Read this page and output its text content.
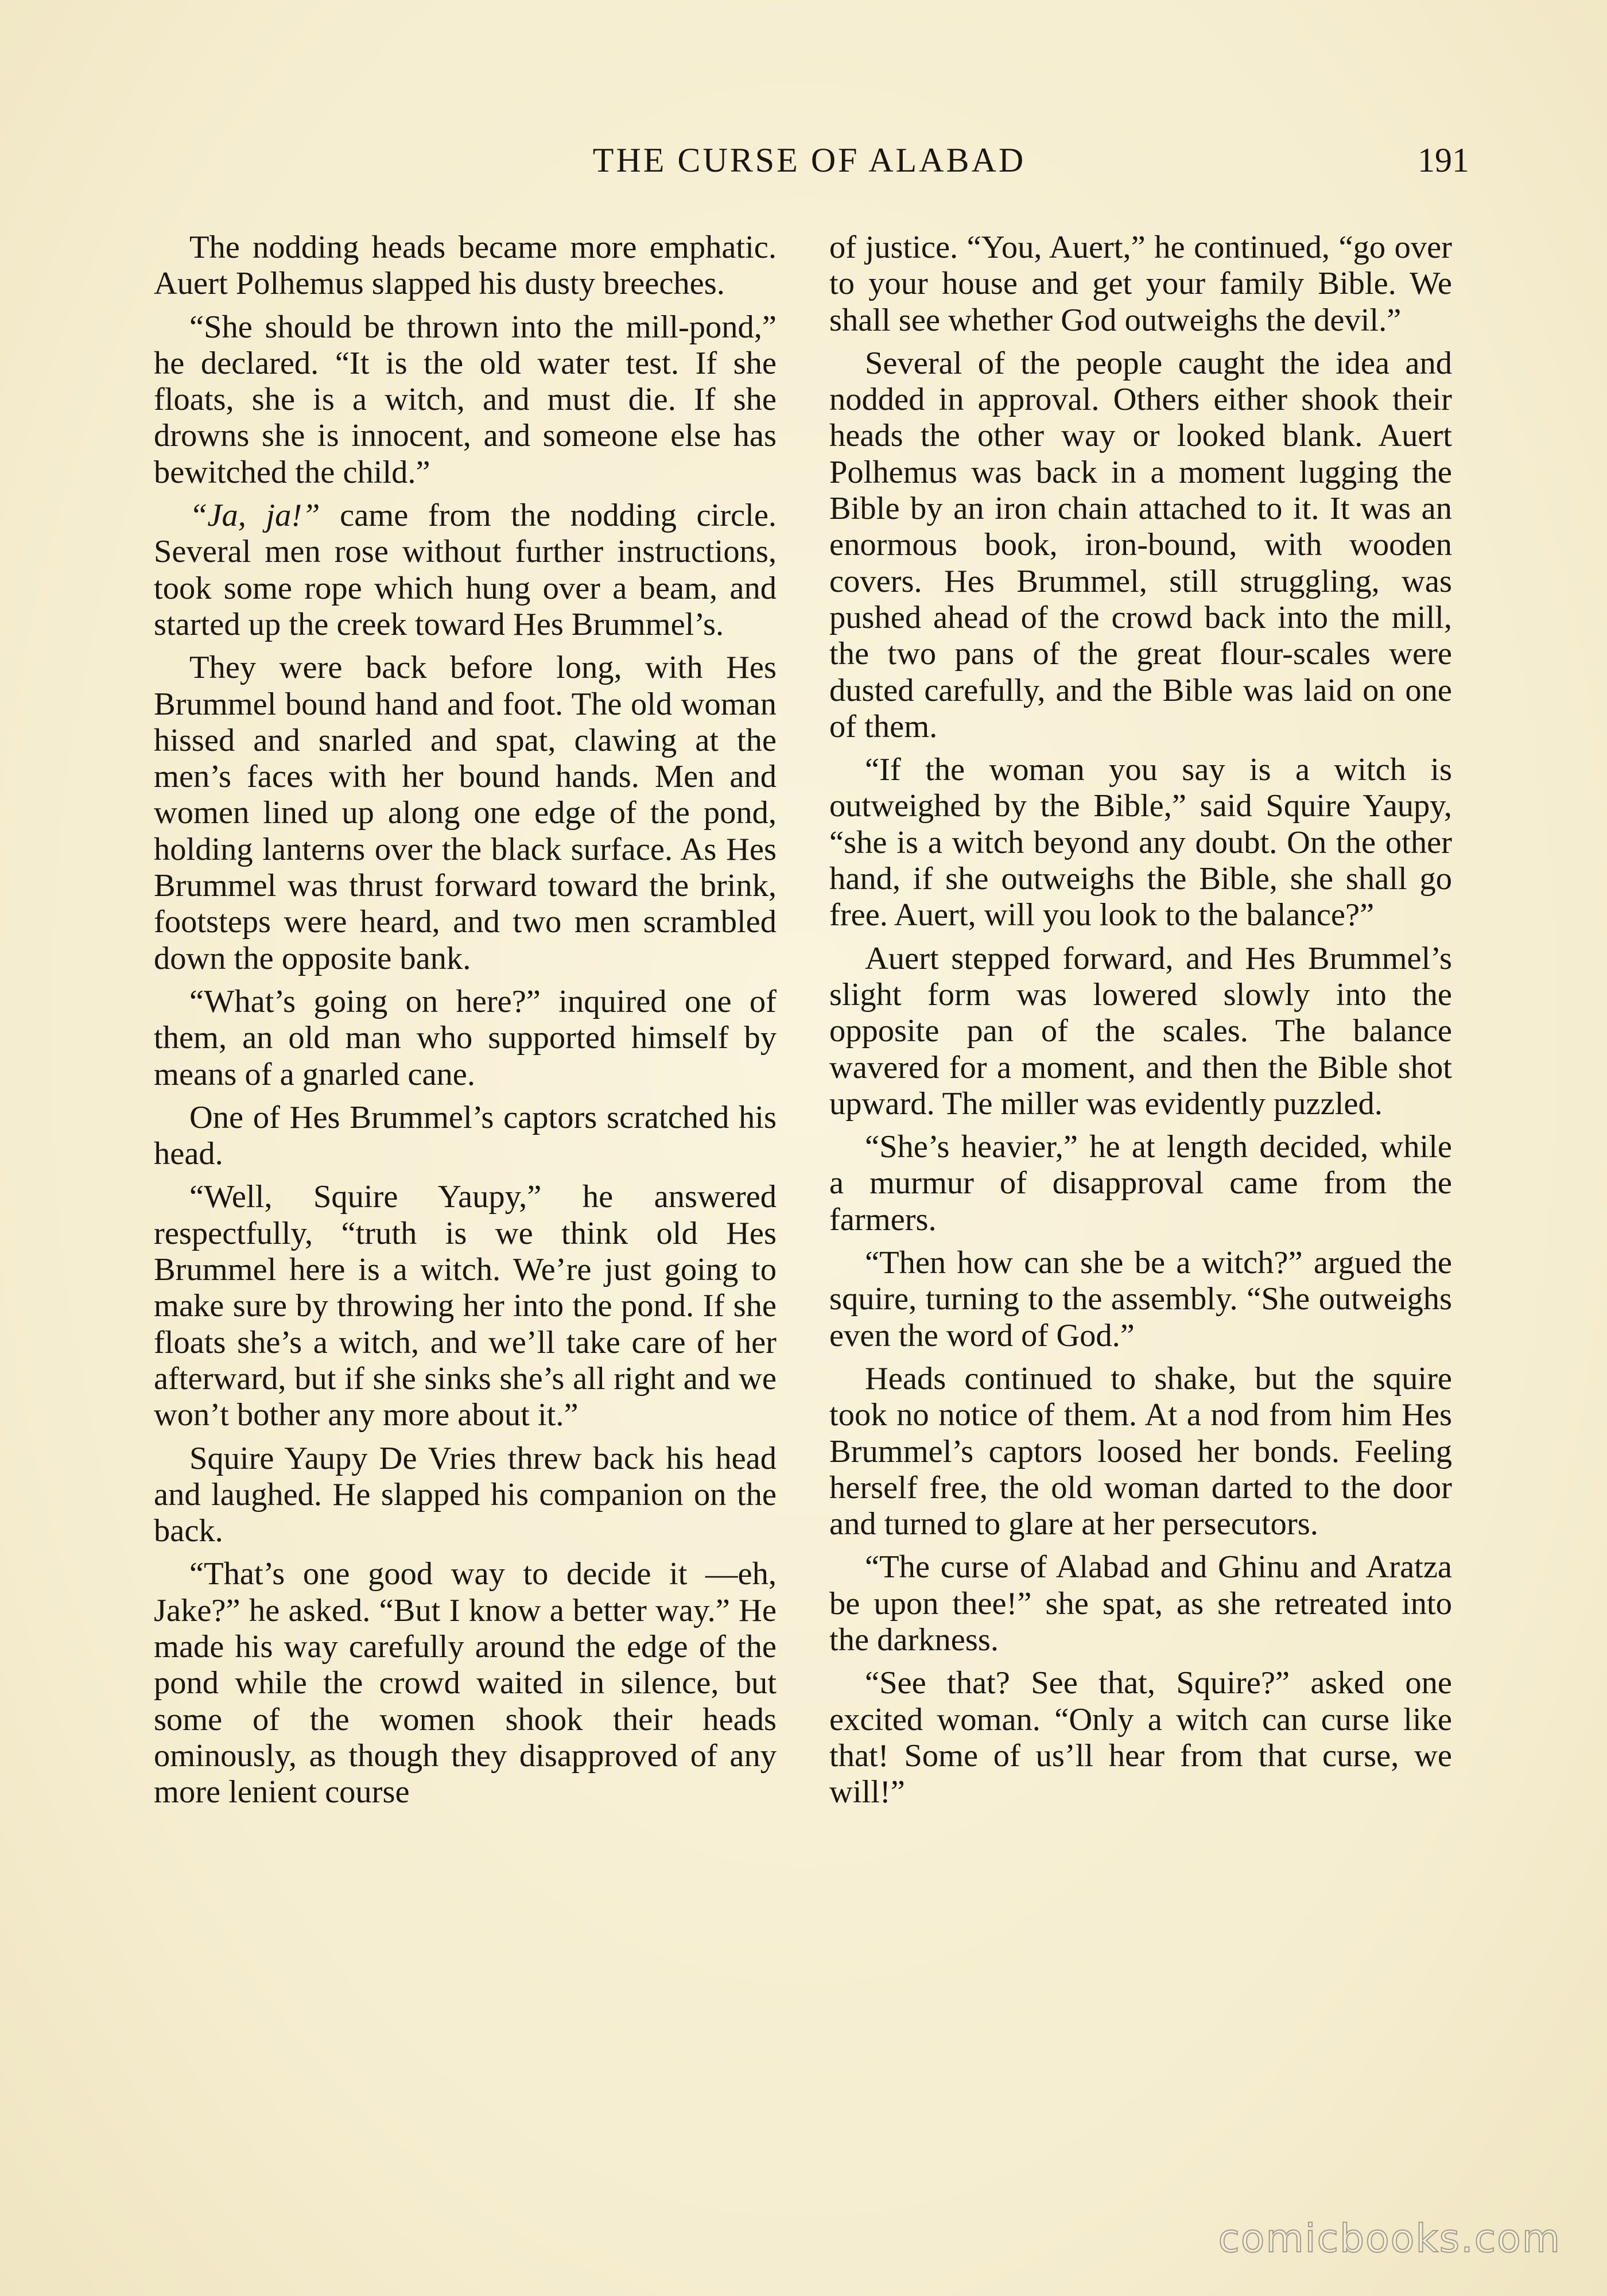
THE CURSE OF ALABAD	191

The nodding heads became more emphatic. Auert Polhemus slapped his dusty breeches.

“She should be thrown into the mill-pond,” he declared. “It is the old water test. If she floats, she is a witch, and must die. If she drowns she is innocent, and someone else has bewitched the child.”

“Ja, ja!” came from the nodding circle. Several men rose without further instructions, took some rope which hung over a beam, and started up the creek toward Hes Brummel’s.

They were back before long, with Hes Brummel bound hand and foot. The old woman hissed and snarled and spat, clawing at the men’s faces with her bound hands. Men and women lined up along one edge of the pond, holding lanterns over the black surface. As Hes Brummel was thrust forward toward the brink, footsteps were heard, and two men scrambled down the opposite bank.

“What’s going on here?” inquired one of them, an old man who supported himself by means of a gnarled cane.

One of Hes Brummel’s captors scratched his head.

“Well, Squire Yaupy,” he answered respectfully, “truth is we think old Hes Brummel here is a witch. We’re just going to make sure by throwing her into the pond. If she floats she’s a witch, and we’ll take care of her afterward, but if she sinks she’s all right and we won’t bother any more about it.”

Squire Yaupy De Vries threw back his head and laughed. He slapped his companion on the back.

“That’s one good way to decide it —eh, Jake?” he asked. “But I know a better way.” He made his way carefully around the edge of the pond while the crowd waited in silence, but some of the women shook their heads ominously, as though they disapproved of any more lenient course

of justice. “You, Auert,” he continued, “go over to your house and get your family Bible. We shall see whether God outweighs the devil.”

Several of the people caught the idea and nodded in approval. Others either shook their heads the other way or looked blank. Auert Polhemus was back in a moment lugging the Bible by an iron chain attached to it. It was an enormous book, iron-bound, with wooden covers. Hes Brummel, still struggling, was pushed ahead of the crowd back into the mill, the two pans of the great flour-scales were dusted carefully, and the Bible was laid on one of them.

“If the woman you say is a witch is outweighed by the Bible,” said Squire Yaupy, “she is a witch beyond any doubt. On the other hand, if she outweighs the Bible, she shall go free. Auert, will you look to the balance?”

Auert stepped forward, and Hes Brummel’s slight form was lowered slowly into the opposite pan of the scales. The balance wavered for a moment, and then the Bible shot upward. The miller was evidently puzzled.

“She’s heavier,” he at length decided, while a murmur of disapproval came from the farmers.

“Then how can she be a witch?” argued the squire, turning to the assembly. “She outweighs even the word of God.”

Heads continued to shake, but the squire took no notice of them. At a nod from him Hes Brummel’s captors loosed her bonds. Feeling herself free, the old woman darted to the door and turned to glare at her persecutors.

“The curse of Alabad and Ghinu and Aratza be upon thee!” she spat, as she retreated into the darkness.

“See that? See that, Squire?” asked one excited woman. “Only a witch can curse like that! Some of us’ll hear from that curse, we will!”

comicbooks.com
